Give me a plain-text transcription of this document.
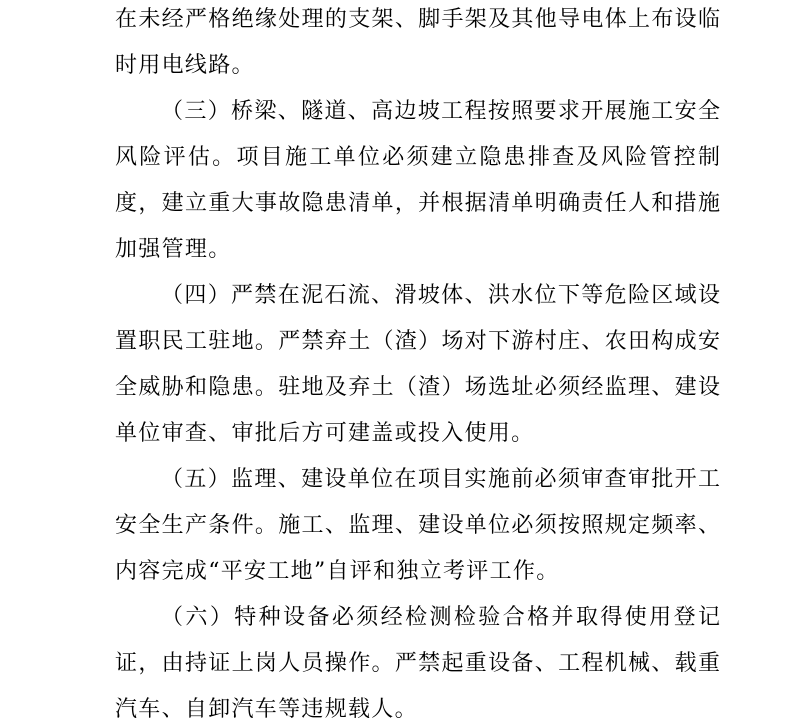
在未经严格绝缘处理的支架、脚手架及其他导电体上布设临
时用电线路。
（三）桥梁、隧道、高边坡工程按照要求开展施工安全
风险评估。项目施工单位必须建立隐患排查及风险管控制
度，建立重大事故隐患清单，并根据清单明确责任人和措施
加强管理。
（四）严禁在泥石流、滑坡体、洪水位下等危险区域设
置职民工驻地。严禁弃土（渣）场对下游村庄、农田构成安
全威胁和隐患。驻地及弃土（渣）场选址必须经监理、建设
单位审查、审批后方可建盖或投入使用。
（五）监理、建设单位在项目实施前必须审查审批开工
安全生产条件。施工、监理、建设单位必须按照规定频率、
内容完成“平安工地”自评和独立考评工作。
（六）特种设备必须经检测检验合格并取得使用登记
证，由持证上岗人员操作。严禁起重设备、工程机械、载重
汽车、自卸汽车等违规载人。
